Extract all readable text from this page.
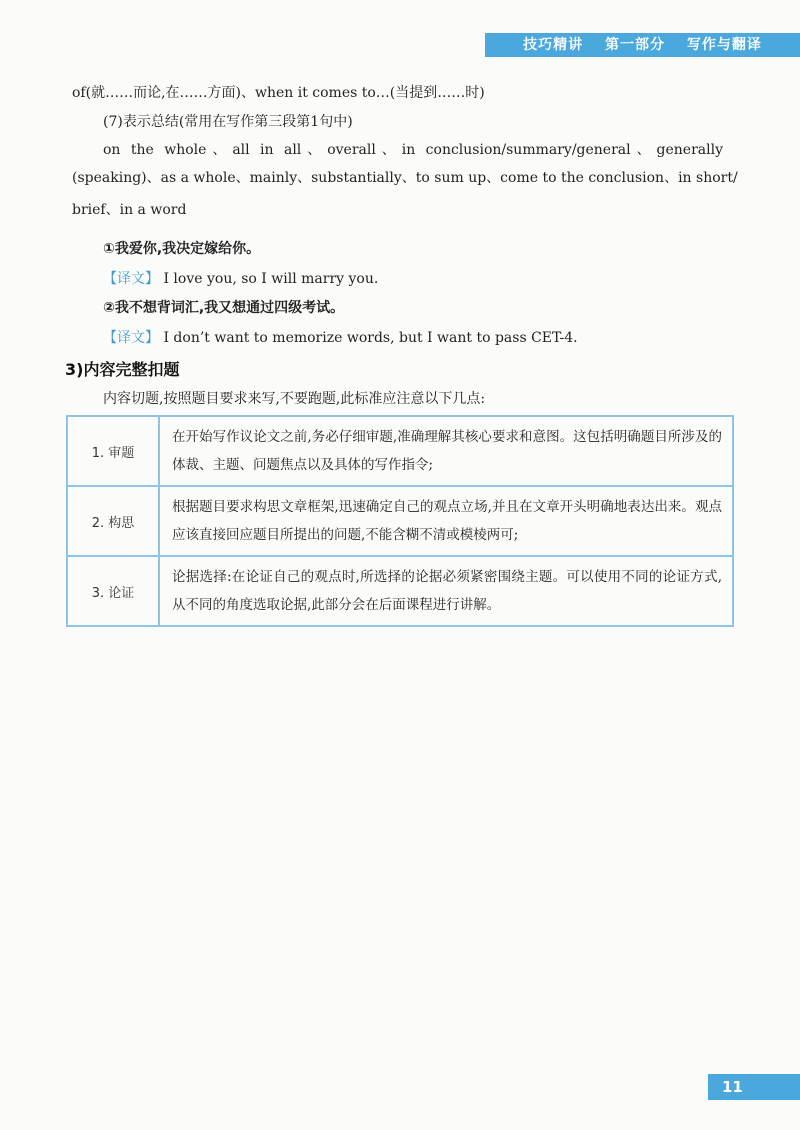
技巧精讲 第一部分 写作与翻译
of(就……而论,在……方面)、when it comes to…(当提到……时)
(7)表示总结(常用在写作第三段第1句中)
on the whole、all in all、overall、in conclusion/summary/general、generally
(speaking)、as a whole、mainly、substantially、to sum up、come to the conclusion、in short/
brief、in a word
①我爱你,我决定嫁给你。
【译文】 I love you, so I will marry you.
②我不想背词汇,我又想通过四级考试。
【译文】 I don’t want to memorize words, but I want to pass CET-4.
3)内容完整扣题
内容切题,按照题目要求来写,不要跑题,此标准应注意以下几点:
1. 审题	在开始写作议论文之前,务必仔细审题,准确理解其核心要求和意图。这包括明确题目所涉及的体裁、主题、问题焦点以及具体的写作指令;
2. 构思	根据题目要求构思文章框架,迅速确定自己的观点立场,并且在文章开头明确地表达出来。观点应该直接回应题目所提出的问题,不能含糊不清或模棱两可;
3. 论证	论据选择:在论证自己的观点时,所选择的论据必须紧密围绕主题。可以使用不同的论证方式,从不同的角度选取论据,此部分会在后面课程进行讲解。
11
